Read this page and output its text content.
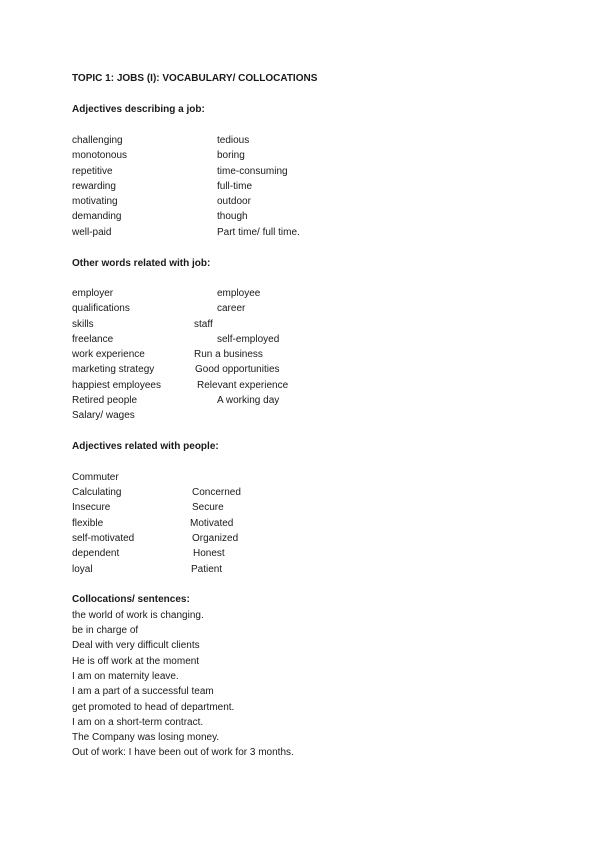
TOPIC 1: JOBS (I): VOCABULARY/ COLLOCATIONS
Adjectives describing a job:
challenging
monotonous
repetitive
rewarding
motivating
demanding
well-paid
tedious
boring
time-consuming
full-time
outdoor
though
Part time/ full time.
Other words related with job:
employer
qualifications
skills
freelance
work experience
marketing strategy
happiest employees
Retired people
Salary/ wages
employee
career
staff
self-employed
Run a business
Good opportunities
Relevant experience
A working day
Adjectives related with people:
Commuter
Calculating
Insecure
flexible
self-motivated
dependent
loyal
Concerned
Secure
Motivated
Organized
Honest
Patient
Collocations/ sentences:
the world of work is changing.
be in charge of
Deal with very difficult clients
He is off work at the moment
I am on maternity leave.
I am a part of a successful team
get promoted to head of department.
I am on a short-term contract.
The Company was losing money.
Out of work: I have been out of work for 3 months.
